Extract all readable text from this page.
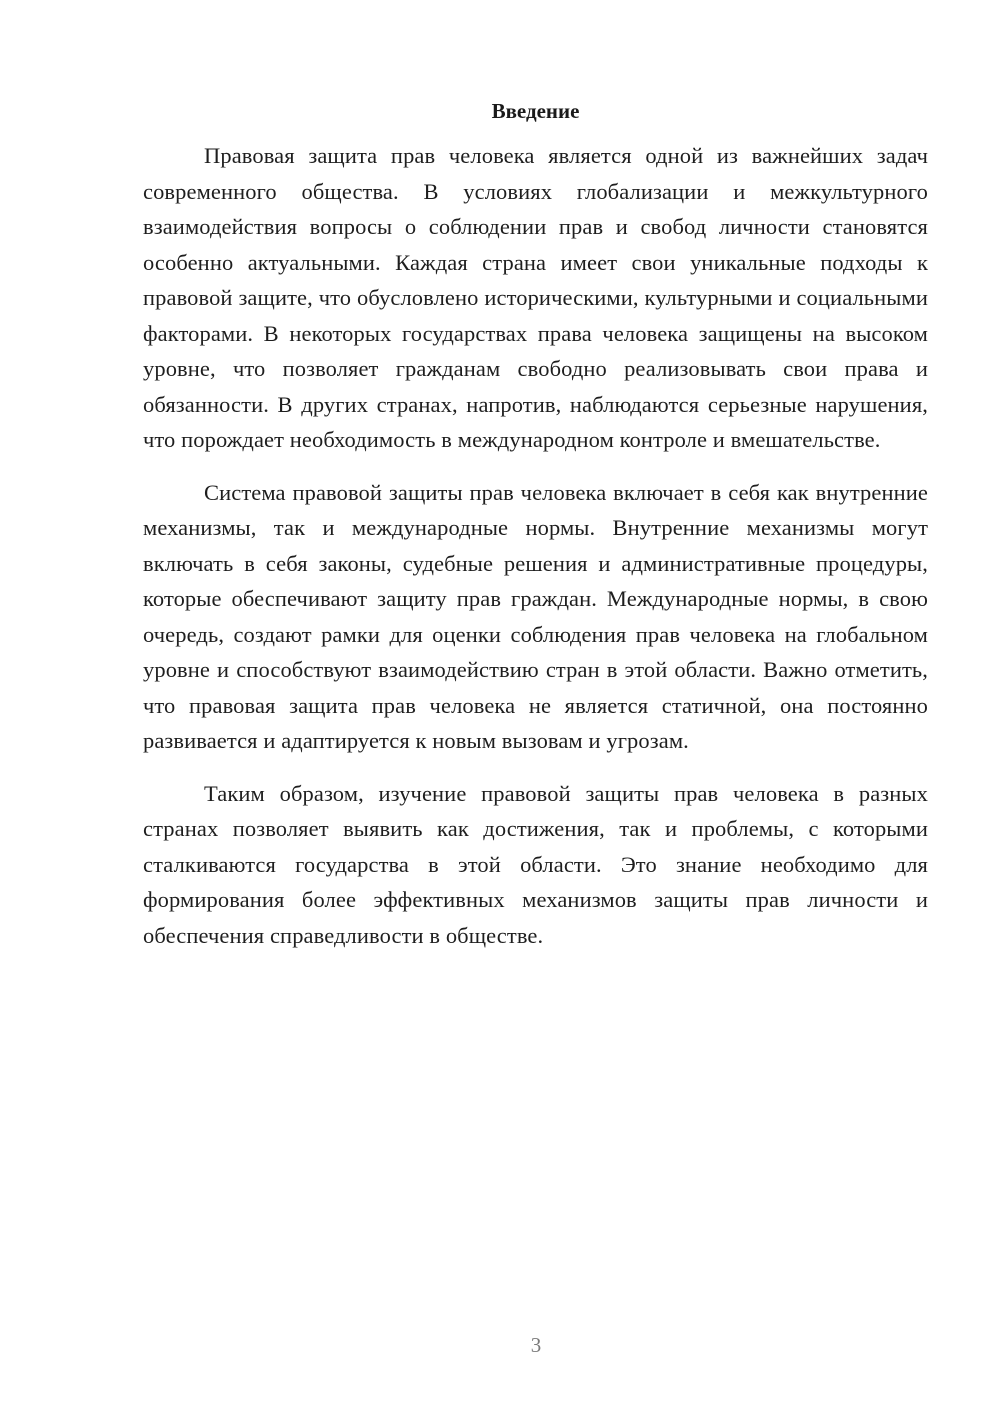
Введение

Правовая защита прав человека является одной из важнейших задач современного общества. В условиях глобализации и межкультурного взаимодействия вопросы о соблюдении прав и свобод личности становятся особенно актуальными. Каждая страна имеет свои уникальные подходы к правовой защите, что обусловлено историческими, культурными и социальными факторами. В некоторых государствах права человека защищены на высоком уровне, что позволяет гражданам свободно реализовывать свои права и обязанности. В других странах, напротив, наблюдаются серьезные нарушения, что порождает необходимость в международном контроле и вмешательстве.

Система правовой защиты прав человека включает в себя как внутренние механизмы, так и международные нормы. Внутренние механизмы могут включать в себя законы, судебные решения и административные процедуры, которые обеспечивают защиту прав граждан. Международные нормы, в свою очередь, создают рамки для оценки соблюдения прав человека на глобальном уровне и способствуют взаимодействию стран в этой области. Важно отметить, что правовая защита прав человека не является статичной, она постоянно развивается и адаптируется к новым вызовам и угрозам.

Таким образом, изучение правовой защиты прав человека в разных странах позволяет выявить как достижения, так и проблемы, с которыми сталкиваются государства в этой области. Это знание необходимо для формирования более эффективных механизмов защиты прав личности и обеспечения справедливости в обществе.

3
